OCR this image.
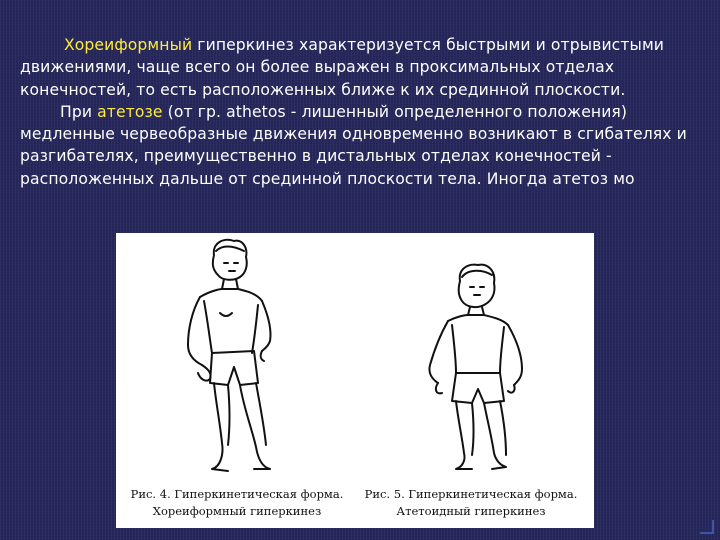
Хореиформный гиперкинез характеризуется быстрыми и отрывистыми движениями, чаще всего он более выражен в проксимальных отделах конечностей, то есть расположенных ближе к их срединной плоскости.

При атетозе (от гр. athetos - лишенный определенного положения) медленные червеобразные движения одновременно возникают в сгибателях и разгибателях, преимущественно в дистальных отделах конечностей - расположенных дальше от срединной плоскости тела. Иногда атетоз мо

Рис. 4. Гиперкинетическая форма.
Хореиформный гиперкинез
Рис. 5. Гиперкинетическая форма.
Атетоидный гиперкинез
